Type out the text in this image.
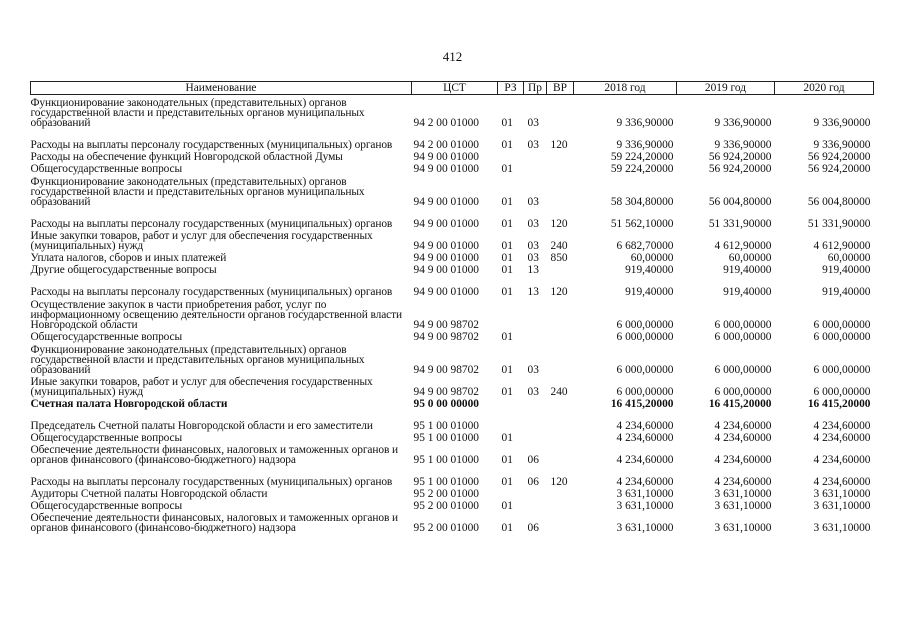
412
Наименование	ЦСТ	РЗ	Пр	ВР	2018 год	2019 год	2020 год
Функционирование законодательных (представительных) органов государственной власти и представительных органов муниципальных образований	94 2 00 01000	01	03		9 336,90000	9 336,90000	9 336,90000
Расходы на выплаты персоналу государственных (муниципальных) органов	94 2 00 01000	01	03	120	9 336,90000	9 336,90000	9 336,90000
Расходы на обеспечение функций Новгородской областной Думы	94 9 00 01000				59 224,20000	56 924,20000	56 924,20000
Общегосударственные вопросы	94 9 00 01000	01			59 224,20000	56 924,20000	56 924,20000
Функционирование законодательных (представительных) органов государственной власти и представительных органов муниципальных образований	94 9 00 01000	01	03		58 304,80000	56 004,80000	56 004,80000
Расходы на выплаты персоналу государственных (муниципальных) органов	94 9 00 01000	01	03	120	51 562,10000	51 331,90000	51 331,90000
Иные закупки товаров, работ и услуг для обеспечения государственных (муниципальных) нужд	94 9 00 01000	01	03	240	6 682,70000	4 612,90000	4 612,90000
Уплата налогов, сборов и иных платежей	94 9 00 01000	01	03	850	60,00000	60,00000	60,00000
Другие общегосударственные вопросы	94 9 00 01000	01	13		919,40000	919,40000	919,40000
Расходы на выплаты персоналу государственных (муниципальных) органов	94 9 00 01000	01	13	120	919,40000	919,40000	919,40000
Осуществление закупок в части приобретения работ, услуг по информационному освещению деятельности органов государственной власти Новгородской области	94 9 00 98702				6 000,00000	6 000,00000	6 000,00000
Общегосударственные вопросы	94 9 00 98702	01			6 000,00000	6 000,00000	6 000,00000
Функционирование законодательных (представительных) органов государственной власти и представительных органов муниципальных образований	94 9 00 98702	01	03		6 000,00000	6 000,00000	6 000,00000
Иные закупки товаров, работ и услуг для обеспечения государственных (муниципальных) нужд	94 9 00 98702	01	03	240	6 000,00000	6 000,00000	6 000,00000
Счетная палата Новгородской области	95 0 00 00000				16 415,20000	16 415,20000	16 415,20000
Председатель Счетной палаты Новгородской области и его заместители	95 1 00 01000				4 234,60000	4 234,60000	4 234,60000
Общегосударственные вопросы	95 1 00 01000	01			4 234,60000	4 234,60000	4 234,60000
Обеспечение деятельности финансовых, налоговых и таможенных органов и органов финансового (финансово-бюджетного) надзора	95 1 00 01000	01	06		4 234,60000	4 234,60000	4 234,60000
Расходы на выплаты персоналу государственных (муниципальных) органов	95 1 00 01000	01	06	120	4 234,60000	4 234,60000	4 234,60000
Аудиторы Счетной палаты Новгородской области	95 2 00 01000				3 631,10000	3 631,10000	3 631,10000
Общегосударственные вопросы	95 2 00 01000	01			3 631,10000	3 631,10000	3 631,10000
Обеспечение деятельности финансовых, налоговых и таможенных органов и органов финансового (финансово-бюджетного) надзора	95 2 00 01000	01	06		3 631,10000	3 631,10000	3 631,10000
